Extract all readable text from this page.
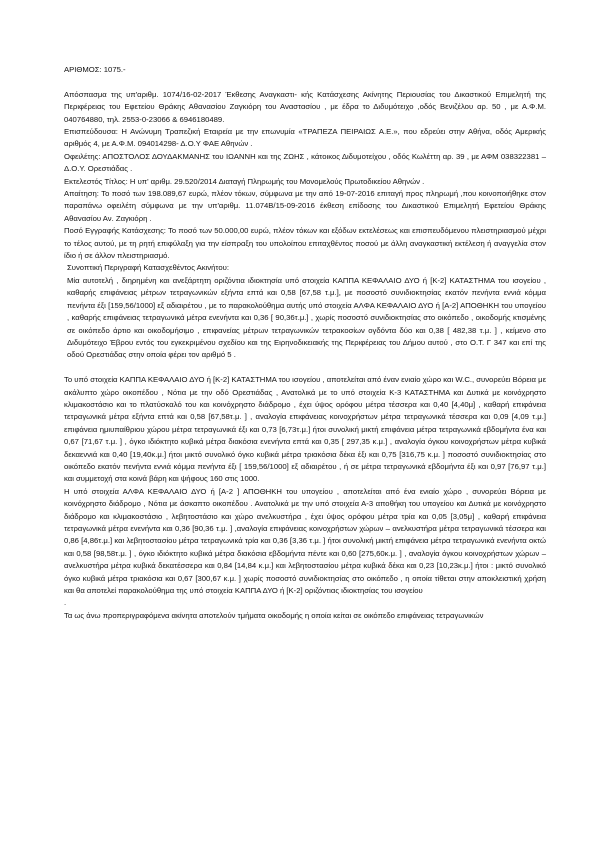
ΑΡΙΘΜΟΣ: 1075.-

Απόσπασμα της υπ'αριθμ. 1074/16-02-2017 Έκθεσης Αναγκαστι- κής Κατάσχεσης Ακίνητης Περιουσίας του Δικαστικού Επιμελητή της Περιφέρειας του Εφετείου Θράκης Αθανασίου Ζαγκιόρη του Αναστασίου , με έδρα το Διδυμότειχο ,οδός Βενιζέλου αρ. 50 , με Α.Φ.Μ. 040764880, τηλ. 2553-0-23066 & 6946180489.

Επισπεύδουσα: Η Ανώνυμη Τραπεζική Εταιρεία με την επωνυμία «ΤΡΑΠΕΖΑ ΠΕΙΡΑΙΩΣ Α.Ε.», που εδρεύει στην Αθήνα, οδός Αμερικής αριθμός 4, με Α.Φ.Μ. 094014298- Δ.Ο.Υ ΦΑΕ Αθηνών .

Οφειλέτης: ΑΠΟΣΤΟΛΟΣ ΔΟΥΔΑΚΜΑΝΗΣ του ΙΩΑΝΝΗ και της ΖΩΗΣ , κάτοικος Διδυμοτείχου , οδός Κωλέττη αρ. 39 , με ΑΦΜ 038322381 – Δ.Ο.Υ. Ορεστιάδας .

Εκτελεστός Τίτλος: Η υπ' αριθμ. 29.520/2014 Διαταγή Πληρωμής του Μονομελούς Πρωτοδικείου Αθηνών .

Απαίτηση: Το ποσό των 198.089,67 ευρώ, πλέον τόκων, σύμφωνα με την από 19-07-2016 επιταγή προς πληρωμή ,που κοινοποιήθηκε στον παραπάνω οφειλέτη σύμφωνα με την υπ'αριθμ. 11.074Β/15-09-2016 έκθεση επίδοσης του Δικαστικού Επιμελητή Εφετείου Θράκης Αθανασίου Αν. Ζαγκιόρη .

Ποσό Εγγραφής Κατάσχεσης: Το ποσό των 50.000,00 ευρώ, πλέον τόκων και εξόδων εκτελέσεως και επισπευδόμενου πλειστηριασμού μέχρι το τέλος αυτού, με τη ρητή επιφύλαξη για την είσπραξη του υπολοίπου επιταχθέντος ποσού με άλλη αναγκαστική εκτέλεση ή αναγγελία στον ίδιο ή σε άλλον πλειστηριασμό.

Συνοπτική Περιγραφή Κατασχεθέντος Ακινήτου:

Μία αυτοτελή , διηρημένη και ανεξάρτητη οριζόντια ιδιοκτησία υπό στοιχεία ΚΑΠΠΑ ΚΕΦΑΛΑΙΟ ΔΥΟ ή [Κ-2] ΚΑΤΑΣΤΗΜΑ του ισογείου , καθαρής επιφάνειας μέτρων τετραγωνικών εξήντα επτά και 0,58 [67,58 τ.μ.], με ποσοστό συνιδιοκτησίας εκατόν πενήντα εννιά κόμμα πενήντα έξι [159,56/1000] εξ αδιαιρέτου , με το παρακολούθημα αυτής υπό στοιχεία ΑΛΦΑ ΚΕΦΑΛΑΙΟ ΔΥΟ ή [Α-2] ΑΠΟΘΗΚΗ του υπογείου , καθαρής επιφάνειας τετραγωνικά μέτρα ενενήντα και 0,36 [ 90,36τ.μ.] , χωρίς ποσοστό συνιδιοκτησίας στο οικόπεδο , οικοδομής κτισμένης σε οικόπεδο άρτιο και οικοδομήσιμο , επιφανείας μέτρων τετραγωνικών τετρακοσίων ογδόντα δύο και 0,38 [ 482,38 τ.μ. ] , κείμενο στο Διδυμότειχο Έβρου εντός του εγκεκριμένου σχεδίου και της Ειρηνοδικειακής της Περιφέρειας του Δήμου αυτού , στο Ο.Τ. Γ 347 και επί της οδού Ορεστιάδας στην οποία φέρει τον αριθμό 5 .

Το υπό στοιχεία ΚΑΠΠΑ ΚΕΦΑΛΑΙΟ ΔΥΟ ή [Κ-2] ΚΑΤΑΣΤΗΜΑ του ισογείου , αποτελείται από έναν ενιαίο χώρο και W.C., συνορεύει Βόρεια με ακάλυπτο χώρο οικοπέδου , Νότια με την οδό Ορεστιάδας , Ανατολικά με το υπό στοιχεία Κ-3 ΚΑΤΑΣΤΗΜΑ και Δυτικά με κοινόχρηστο κλιμακοστάσιο και το πλατύσκαλό του και κοινόχρηστο διάδρομο , έχει ύψος ορόφου μέτρα τέσσερα και 0,40 [4,40μ] , καθαρή επιφάνεια τετραγωνικά μέτρα εξήντα επτά και 0,58 [67,58τ.μ. ] , αναλογία επιφάνειας κοινοχρήστων μέτρα τετραγωνικά τέσσερα και 0,09 [4,09 τ.μ.] επιφάνεια ημιυπαίθριου χώρου μέτρα τετραγωνικά έξι και 0,73 [6,73τ.μ.] ήτοι συνολική μικτή επιφάνεια μέτρα τετραγωνικά εβδομήντα ένα και 0,67 [71,67 τ.μ. ] , όγκο ιδιόκτητο κυβικά μέτρα διακόσια ενενήντα επτά και 0,35 [ 297,35 κ.μ.] , αναλογία όγκου κοινοχρήστων μέτρα κυβικά δεκαεννιά και 0,40 [19,40κ.μ.] ήτοι μικτό συνολικό όγκο κυβικά μέτρα τριακόσια δέκα έξι και 0,75 [316,75 κ.μ. ] ποσοστό συνιδιοκτησίας στο οικόπεδο εκατόν πενήντα εννιά κόμμα πενήντα έξι [ 159,56/1000] εξ αδιαιρέτου , ή σε μέτρα τετραγωνικά εβδομήντα έξι και 0,97 [76,97 τ.μ.] και συμμετοχή στα κοινά βάρη και ψήφους 160 στις 1000.

Η υπό στοιχεία ΑΛΦΑ ΚΕΦΑΛΑΙΟ ΔΥΟ ή [Α-2 ] ΑΠΟΘΗΚΗ του υπογείου , αποτελείται από ένα ενιαίο χώρο , συνορεύει Βόρεια με κοινόχρηστο διάδρομο , Νότια με άσκαπτο οικοπέδου . Ανατολικά με την υπό στοιχεία Α-3 αποθήκη του υπογείου και Δυτικά με κοινόχρηστο διάδρομο και κλιμακοστάσιο , λεβητοστάσιο και χώρο ανελκυστήρα , έχει ύψος ορόφου μέτρα τρία και 0,05 [3,05μ] , καθαρή επιφάνεια τετραγωνικά μέτρα ενενήντα και 0,36 [90,36 τ.μ. ] ,αναλογία επιφάνειας κοινοχρήστων χώρων – ανελκυστήρα μέτρα τετραγωνικά τέσσερα και 0,86 [4,86τ.μ.] και λεβητοστασίου μέτρα τετραγωνικά τρία και 0,36 [3,36 τ.μ. ] ήτοι συνολική μικτή επιφάνεια μέτρα τετραγωνικά ενενήντα οκτώ και 0,58 [98,58τ.μ. ] , όγκο ιδιόκτητο κυβικά μέτρα διακόσια εβδομήντα πέντε και 0,60 [275,60κ.μ. ] , αναλογία όγκου κοινοχρήστων χώρων – ανελκυστήρα μέτρα κυβικά δεκατέσσερα και 0,84 [14,84 κ.μ.] και λεβητοστασίου μέτρα κυβικά δέκα και 0,23 [10,23κ.μ.] ήτοι : μικτό συνολικό όγκο κυβικά μέτρα τριακόσια και 0,67 [300,67 κ.μ. ] χωρίς ποσοστό συνιδιοκτησίας στο οικόπεδο , η οποία τίθεται στην αποκλειστική χρήση και θα αποτελεί παρακολούθημα της υπό στοιχεία ΚΑΠΠΑ ΔΥΟ ή [Κ-2] οριζόντιας ιδιοκτησίας του ισογείου

.

Τα ως άνω προπεριγραφόμενα ακίνητα αποτελούν τμήματα οικοδομής η οποία κείται σε οικόπεδο επιφάνειας τετραγωνικών
